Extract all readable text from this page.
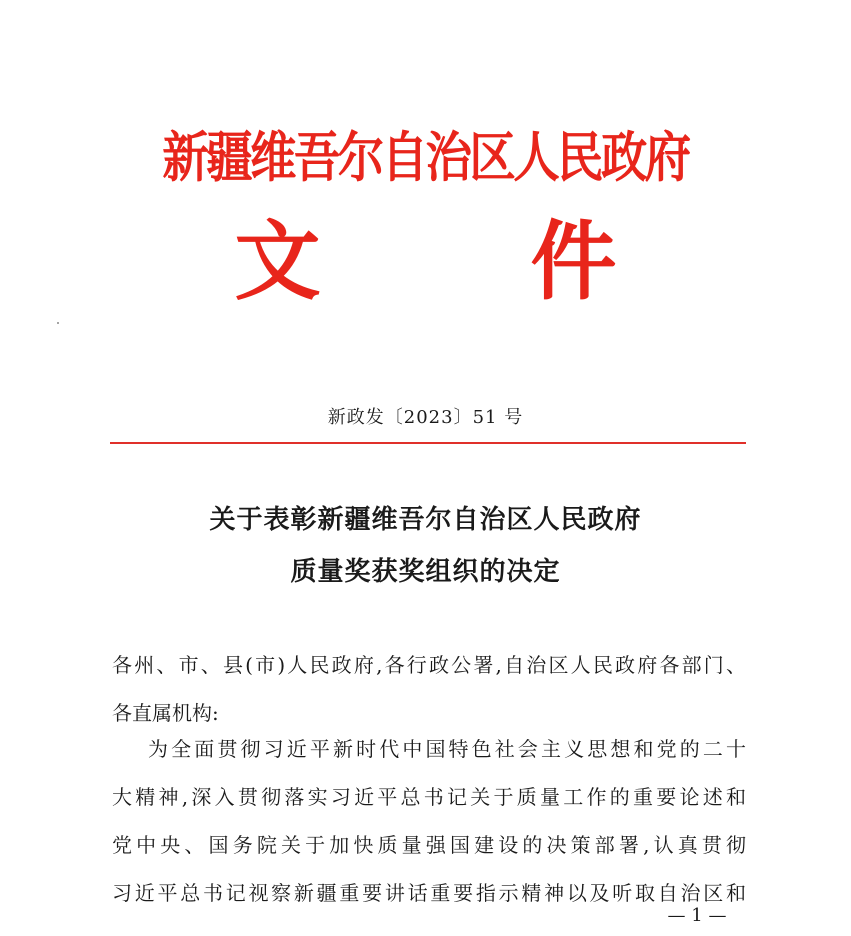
新疆维吾尔自治区人民政府
文 件
新政发〔2023〕51 号
关于表彰新疆维吾尔自治区人民政府
质量奖获奖组织的决定
各州、市、县(市)人民政府,各行政公署,自治区人民政府各部门、
各直属机构:
为全面贯彻习近平新时代中国特色社会主义思想和党的二十
大精神,深入贯彻落实习近平总书记关于质量工作的重要论述和
党中央、国务院关于加快质量强国建设的决策部署,认真贯彻
习近平总书记视察新疆重要讲话重要指示精神以及听取自治区和
— 1 —
